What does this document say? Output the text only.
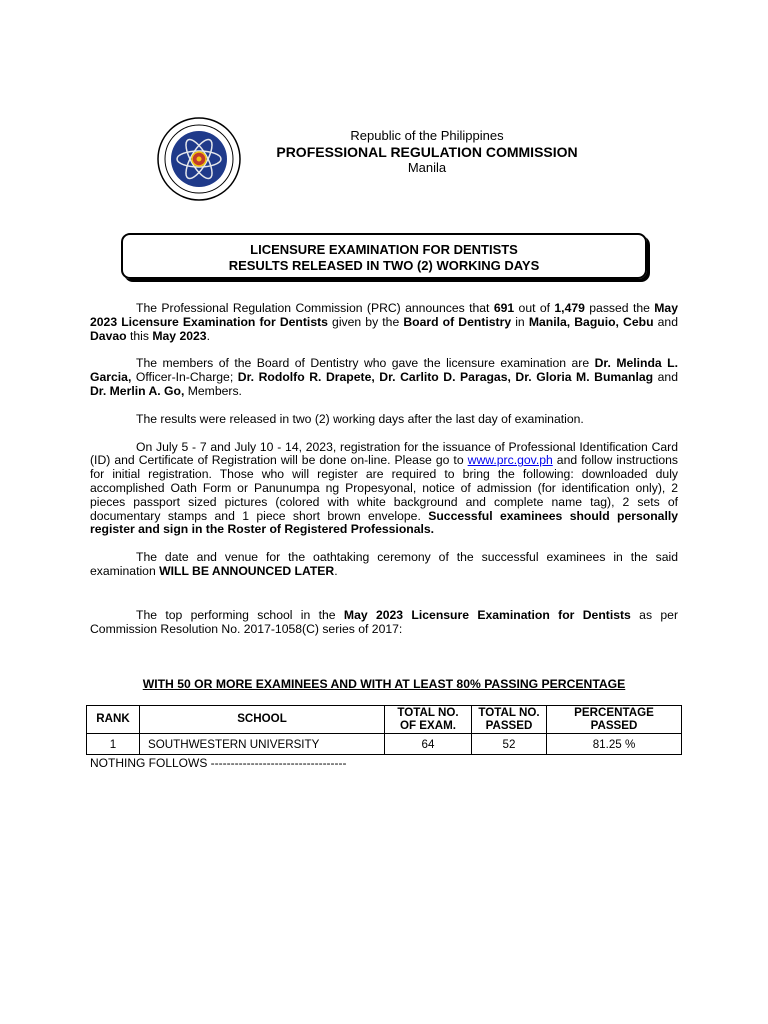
Republic of the Philippines
PROFESSIONAL REGULATION COMMISSION
Manila
LICENSURE EXAMINATION FOR DENTISTS
RESULTS RELEASED IN TWO (2) WORKING DAYS

The Professional Regulation Commission (PRC) announces that 691 out of 1,479 passed the May 2023 Licensure Examination for Dentists given by the Board of Dentistry in Manila, Baguio, Cebu and Davao this May 2023.

The members of the Board of Dentistry who gave the licensure examination are Dr. Melinda L. Garcia, Officer-In-Charge; Dr. Rodolfo R. Drapete, Dr. Carlito D. Paragas, Dr. Gloria M. Bumanlag and Dr. Merlin A. Go, Members.

The results were released in two (2) working days after the last day of examination.

On July 5 - 7 and July 10 - 14, 2023, registration for the issuance of Professional Identification Card (ID) and Certificate of Registration will be done on-line. Please go to www.prc.gov.ph and follow instructions for initial registration. Those who will register are required to bring the following: downloaded duly accomplished Oath Form or Panunumpa ng Propesyonal, notice of admission (for identification only), 2 pieces passport sized pictures (colored with white background and complete name tag), 2 sets of documentary stamps and 1 piece short brown envelope. Successful examinees should personally register and sign in the Roster of Registered Professionals.

The date and venue for the oathtaking ceremony of the successful examinees in the said examination WILL BE ANNOUNCED LATER.

The top performing school in the May 2023 Licensure Examination for Dentists as per Commission Resolution No. 2017-1058(C) series of 2017:

WITH 50 OR MORE EXAMINEES AND WITH AT LEAST 80% PASSING PERCENTAGE
RANK	SCHOOL	TOTAL NO. OF EXAM.	TOTAL NO. PASSED	PERCENTAGE PASSED
1	SOUTHWESTERN UNIVERSITY	64	52	81.25 %
NOTHING FOLLOWS ----------------------------------
